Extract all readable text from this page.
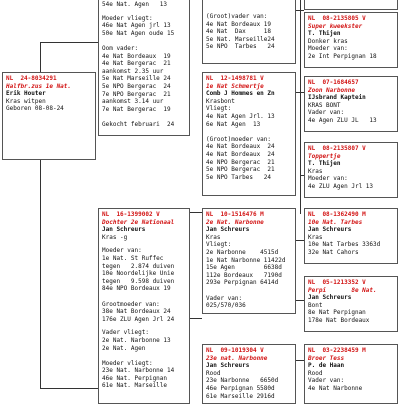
54e Nat. Agen   13
Moeder vliegt:
46e Nat Agen jrl 13
50e Nat Agen oude 15
Oom vader:
4e Nat Bordeaux  19
4e Nat Bergerac  21
aankomst 2.35 uur
5e Nat Marseille 24
5e NPO Bergerac  24
7e NPO Bergerac  21
aankomst 3.14 uur
7e Nat Bergerac  19
Gekocht februari  24
(Groot)vader van:
4e Nat Bordeaux 19
4e Nat  Dax     18
5e Nat. Marseille24
5e NPO  Tarbes   24
NL  24-8034291
Halfbr.zus 1e Nat.
Erik Houter
Kras witpen
Geboren 08-08-24
NL  12-1498781 V
1e Nat Schmertje
Comb J Hommes en Zn
Krasbont
Vliegt:
4e Nat Agen Jrl. 13
6e Nat Agen  13
(Groot)moeder van:
4e Nat Bordeaux  24
4e Nat Bordeaux  24
4e NPO Bergerac  21
5e NPO Bergerac  21
5e NPO Tarbes   24
NL  08-2135805 V
Super kweekster
T. Thijen
Donker kras
Moeder van:
2e Int Perpignan 18
NL  07-1684657
Zoon Narbonne
IJsbrand Kaptein
KRAS BONT
Vader van:
4e Agen ZLU JL   13
NL  08-2135807 V
Toppertje
T. Thijen
Kras
Moeder van:
4e ZLU Agen Jrl 13
NL  16-1399002 V
Dochter 2e Nationaal
Jan Schreurs
Kras -g
Moeder van:
1e Nat. St Ruffec
tegen   2.874 duiven
10e Noordelijke Unie
tegen   9.598 duiven
84e NPO Bordeaux 19
Grootmoeder van:
38e Nat Bordeaux 24
176e ZLU Agen Jrl 24
Vader vliegt:
2e Nat. Narbonne 13
2e Nat. Agen
Moeder vliegt:
23e Nat. Narbonne 14
46e Nat. Perpignan
61e Nat. Marseille
NL  10-1516476 M
2e Nat. Narbonne
Jan Schreurs
Kras
Vliegt:
2e Narbonne    4515d
1e Nat Narbonne 11422d
15e Agen        6638d
112e Bordeaux   7190d
293e Perpignan 6414d
Vader van:
025/570/036
NL  08-1362490 M
10e Nat. Tarbes
Jan Schreurs
Kras
10e Nat Tarbes 3363d
32e Nat Cahors
NL  05-1213352 V
Perpi       8e Nat.
Jan Schreurs
Bont
8e Nat Perpignan
178e Nat Bordeaux
NL  09-1019304 V
23e nat. Narbonne
Jan Schreurs
Rood
23e Narbonne   6650d
46e Perpignan 5580d
61e Marseille 2916d
NL  03-2238459 M
Broer Tess
P. de Haan
Rood
Vader van:
4e Nat Narbonne
